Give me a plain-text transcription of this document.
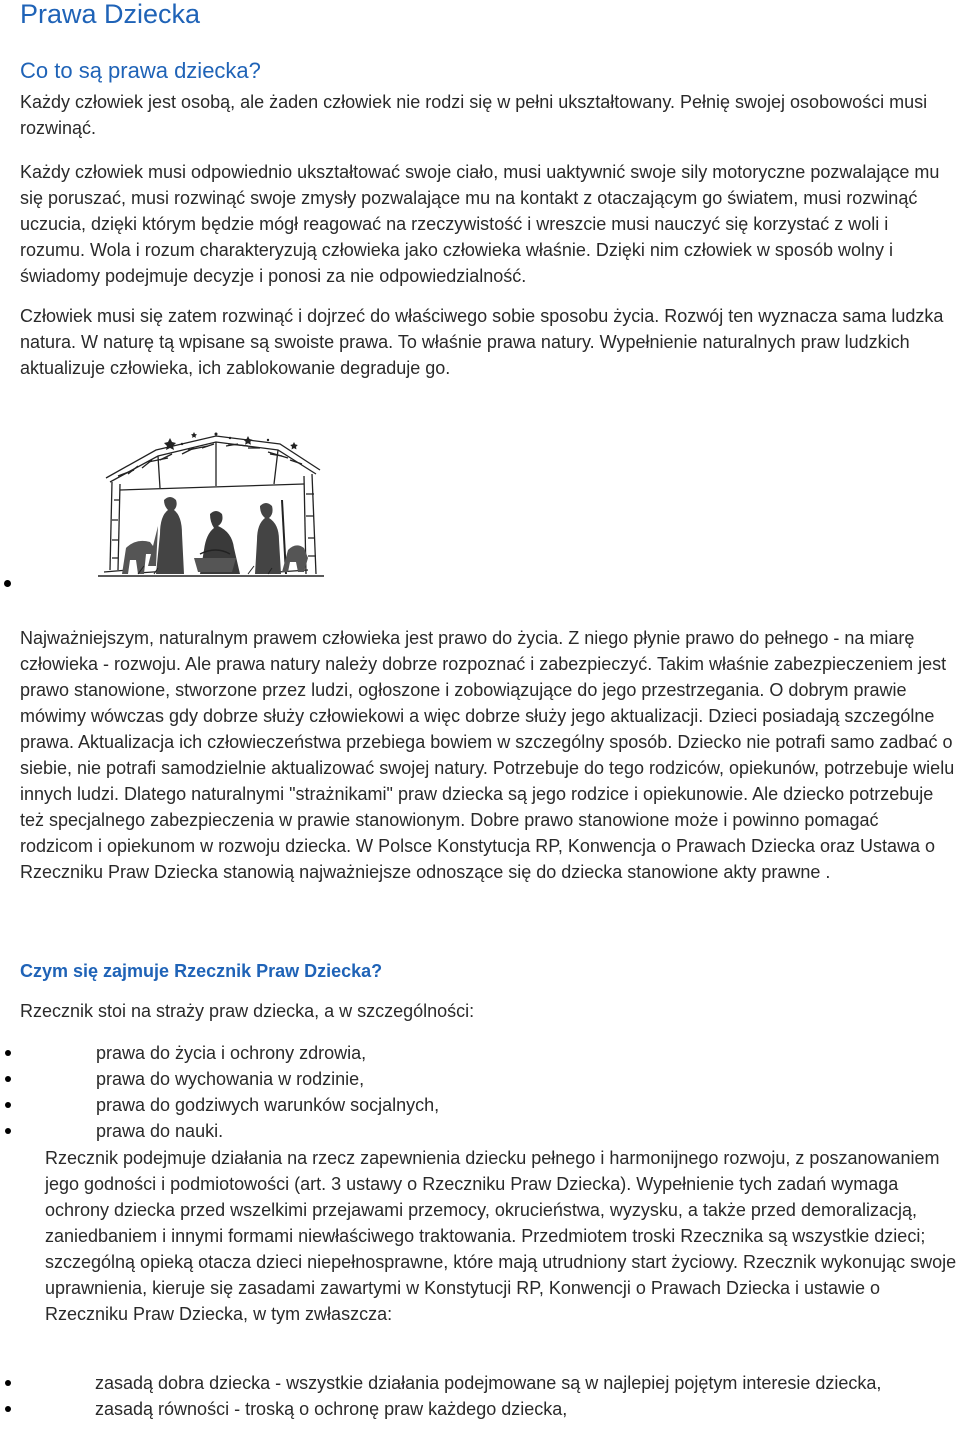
Prawa Dziecka
Co to są prawa dziecka?

Każdy człowiek jest osobą, ale żaden człowiek nie rodzi się w pełni ukształtowany. Pełnię swojej osobowości musi rozwinąć.

Każdy człowiek musi odpowiednio ukształtować swoje ciało, musi uaktywnić swoje sily motoryczne pozwalające mu się poruszać, musi rozwinąć swoje zmysły pozwalające mu na kontakt z otaczającym go światem, musi rozwinąć uczucia, dzięki którym będzie mógł reagować na rzeczywistość i wreszcie musi nauczyć się korzystać z woli i rozumu. Wola i rozum charakteryzują człowieka jako człowieka właśnie. Dzięki nim człowiek w sposób wolny i świadomy podejmuje decyzje i ponosi za nie odpowiedzialność.

Człowiek musi się zatem rozwinąć i dojrzeć do właściwego sobie sposobu życia. Rozwój ten wyznacza sama ludzka natura. W naturę tą wpisane są swoiste prawa. To właśnie prawa natury. Wypełnienie naturalnych praw ludzkich aktualizuje człowieka, ich zablokowanie degraduje go.

Najważniejszym, naturalnym prawem człowieka jest prawo do życia. Z niego płynie prawo do pełnego - na miarę człowieka - rozwoju. Ale prawa natury należy dobrze rozpoznać i zabezpieczyć. Takim właśnie zabezpieczeniem jest prawo stanowione, stworzone przez ludzi, ogłoszone i zobowiązujące do jego przestrzegania. O dobrym prawie mówimy wówczas gdy dobrze służy człowiekowi a więc dobrze służy jego aktualizacji. Dzieci posiadają szczególne prawa. Aktualizacja ich człowieczeństwa przebiega bowiem w szczególny sposób. Dziecko nie potrafi samo zadbać o siebie, nie potrafi samodzielnie aktualizować swojej natury. Potrzebuje do tego rodziców, opiekunów, potrzebuje wielu innych ludzi. Dlatego naturalnymi "strażnikami" praw dziecka są jego rodzice i opiekunowie. Ale dziecko potrzebuje też specjalnego zabezpieczenia w prawie stanowionym. Dobre prawo stanowione może i powinno pomagać rodzicom i opiekunom w rozwoju dziecka. W Polsce Konstytucja RP, Konwencja o Prawach Dziecka oraz Ustawa o Rzeczniku Praw Dziecka stanowią najważniejsze odnoszące się do dziecka stanowione akty prawne .

Czym się zajmuje Rzecznik Praw Dziecka?

Rzecznik stoi na straży praw dziecka, a w szczególności:

prawa do życia i ochrony zdrowia,
prawa do wychowania w rodzinie,
prawa do godziwych warunków socjalnych,
prawa do nauki.

Rzecznik podejmuje działania na rzecz zapewnienia dziecku pełnego i harmonijnego rozwoju, z poszanowaniem jego godności i podmiotowości (art. 3 ustawy o Rzeczniku Praw Dziecka). Wypełnienie tych zadań wymaga ochrony dziecka przed wszelkimi przejawami przemocy, okrucieństwa, wyzysku, a także przed demoralizacją, zaniedbaniem i innymi formami niewłaściwego traktowania. Przedmiotem troski Rzecznika są wszystkie dzieci; szczególną opieką otacza dzieci niepełnosprawne, które mają utrudniony start życiowy. Rzecznik wykonując swoje uprawnienia, kieruje się zasadami zawartymi w Konstytucji RP, Konwencji o Prawach Dziecka i ustawie o Rzeczniku Praw Dziecka, w tym zwłaszcza:

zasadą dobra dziecka - wszystkie działania podejmowane są w najlepiej pojętym interesie dziecka,
zasadą równości - troską o ochronę praw każdego dziecka,
